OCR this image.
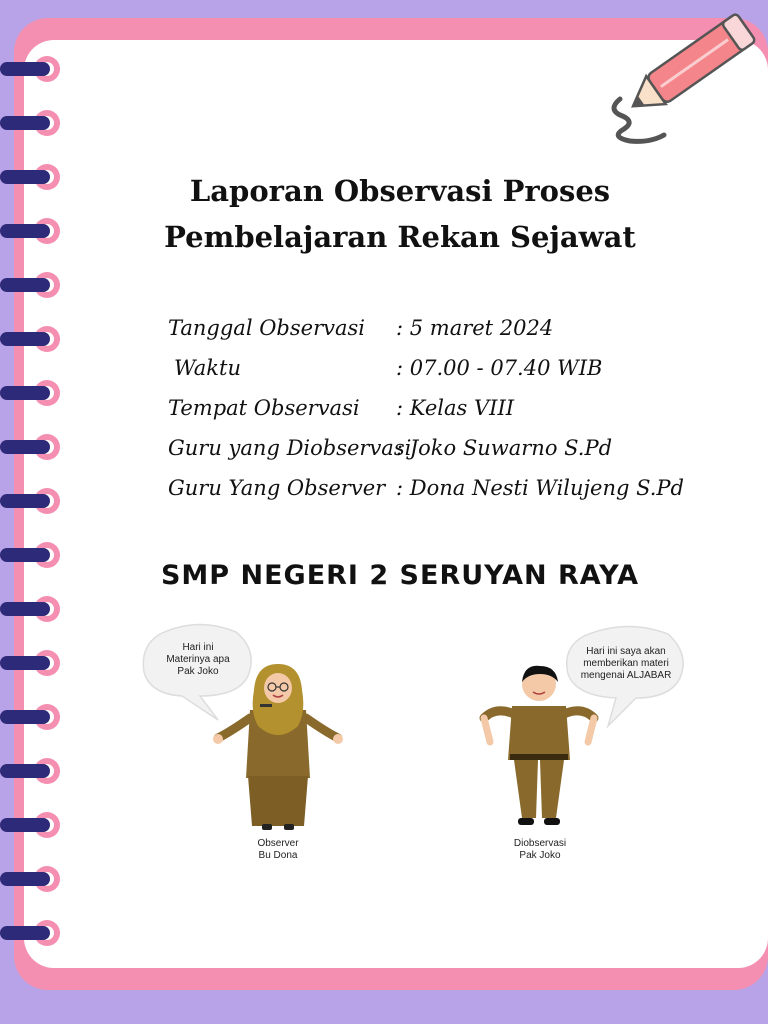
Laporan Observasi Proses
Pembelajaran Rekan Sejawat
Tanggal Observasi : 5 maret 2024
Waktu	: 07.00 - 07.40 WIB
Tempat Observasi : Kelas VIII
Guru yang Diobservasi
: Joko Suwarno S.Pd
Guru Yang Observer : Dona Nesti Wilujeng S.Pd
SMP NEGERI 2 SERUYAN RAYA
Hari ini
Materinya apa
Pak Joko
Hari ini saya akan
memberikan materi
mengenai ALJABAR
Observer
Bu Dona
Diobservasi
Pak Joko
